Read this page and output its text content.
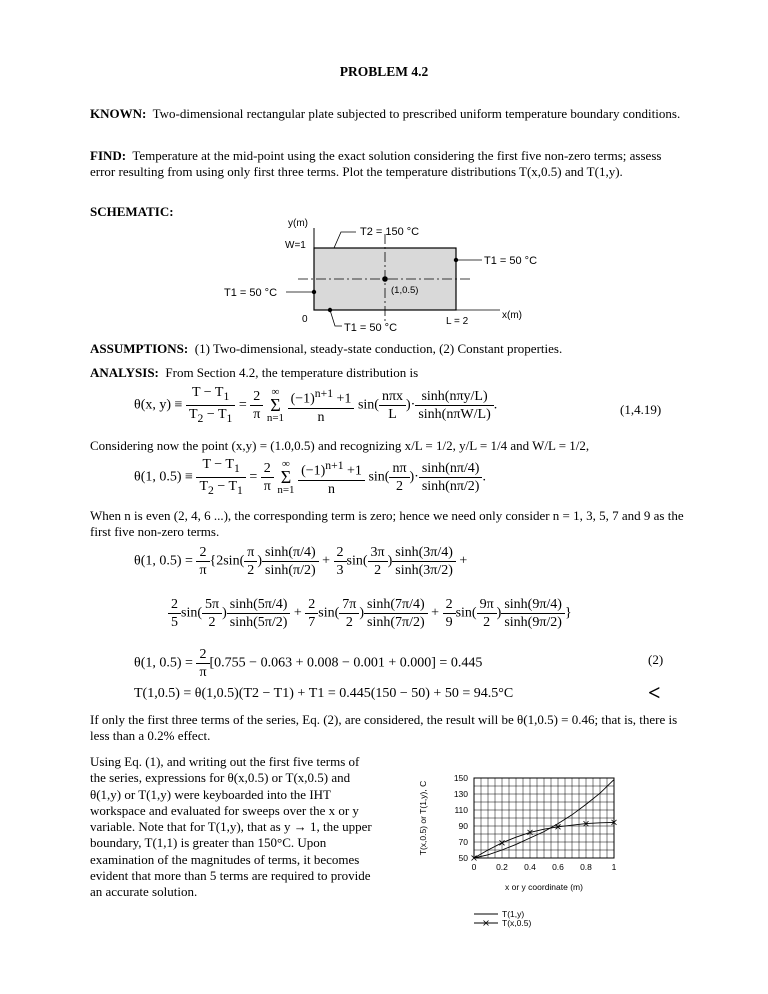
PROBLEM 4.2
KNOWN: Two-dimensional rectangular plate subjected to prescribed uniform temperature boundary conditions.
FIND: Temperature at the mid-point using the exact solution considering the first five non-zero terms; assess error resulting from using only first three terms. Plot the temperature distributions T(x,0.5) and T(1,y).
SCHEMATIC:
y(m)
W=1
(1,0.5)
T2 = 150 °C
T1 = 50 °C
T1 = 50 °C
T1 = 50 °C
0	L = 2
x(m)
ASSUMPTIONS: (1) Two-dimensional, steady-state conduction, (2) Constant properties.
ANALYSIS: From Section 4.2, the temperature distribution is
θ(x, $y) \equiv \frac{T - T_1}{T_2 - T_1} = \frac{2}{\pi}$
∞
Σ
n=1
$\frac{(-1)^{n+1} +1}{n} \sin( \frac{\text{nπx}}{L}$ )· $\frac{\text{sinh(nπy/L)}}{\text{sinh(nπW/L)}}$ .	(1,4.19)
Considering now the point (x,y) = (1.0,0.5) and recognizing x/L = 1/2, y/L = 1/4 and W/L = 1/2,
θ(1, $0.5) \equiv \frac{T - T_1}{T_2 - T_1} = \frac{2}{\pi}$
∞
Σ
n=1
$\frac{(-1)^{n+1} +1}{n} \sin( \frac{n\pi}{2}$ )· $\frac{\sinh(n\pi/4)}{\sinh(n\pi/2)}$ .
When n is even (2, 4, 6 ...), the corresponding term is zero; hence we need only consider n = 1, 3, 5, 7 and 9 as the first five non-zero terms.
θ(1, $0.5) = \frac{2}{\pi} \{2\sin( \frac{\pi}{2}$ ) $\frac{\sinh(\pi/4)}{\sinh(\pi/2)} + \frac{2}{3} \sin( \frac{3\pi}{2}$ ) $\frac{\sinh(3\pi/4)}{\sinh(3\pi/2)}$ +
$\frac{2}{5} \sin( \frac{5\pi}{2}$ ) $\frac{\sinh(5\pi/4)}{\sinh(5\pi/2)} + \frac{2}{7} \sin( \frac{7\pi}{2}$ ) $\frac{\sinh(7\pi/4)}{\sinh(7\pi/2)} + \frac{2}{9} \sin( \frac{9\pi}{2}$ ) $\frac{\sinh(9\pi/4)}{\sinh(9\pi/2)}$ }
θ(1, $0.5) = \frac{2}{\pi} [0.755 - 0.063 + 0.008 - 0.001 + 0.000] = 0.445$	(2)
T(1,0.5) = θ(1,0.5)(T2 − T1) + T1 = 0.445(150 − 50) + 50 = 94.5°C	<
If only the first three terms of the series, Eq. (2), are considered, the result will be θ(1,0.5) = 0.46; that is, there is less than a 0.2% effect.
Using Eq. (1), and writing out the first five terms of the series, expressions for θ(x,0.5) or T(x,0.5) and θ(1,y) or T(1,y) were keyboarded into the IHT workspace and evaluated for sweeps over the x or y variable. Note that for T(1,y), that as y → 1, the upper boundary, T(1,1) is greater than 150°C. Upon examination of the magnitudes of terms, it becomes evident that more than 5 terms are required to provide an accurate solution.
0 0.2 0.4 0.6 0.8 1
50
70
90
110
130
150
T(x,0.5) or T(1,y), C
x or y coordinate (m)
T(1,y)
T(x,0.5)
